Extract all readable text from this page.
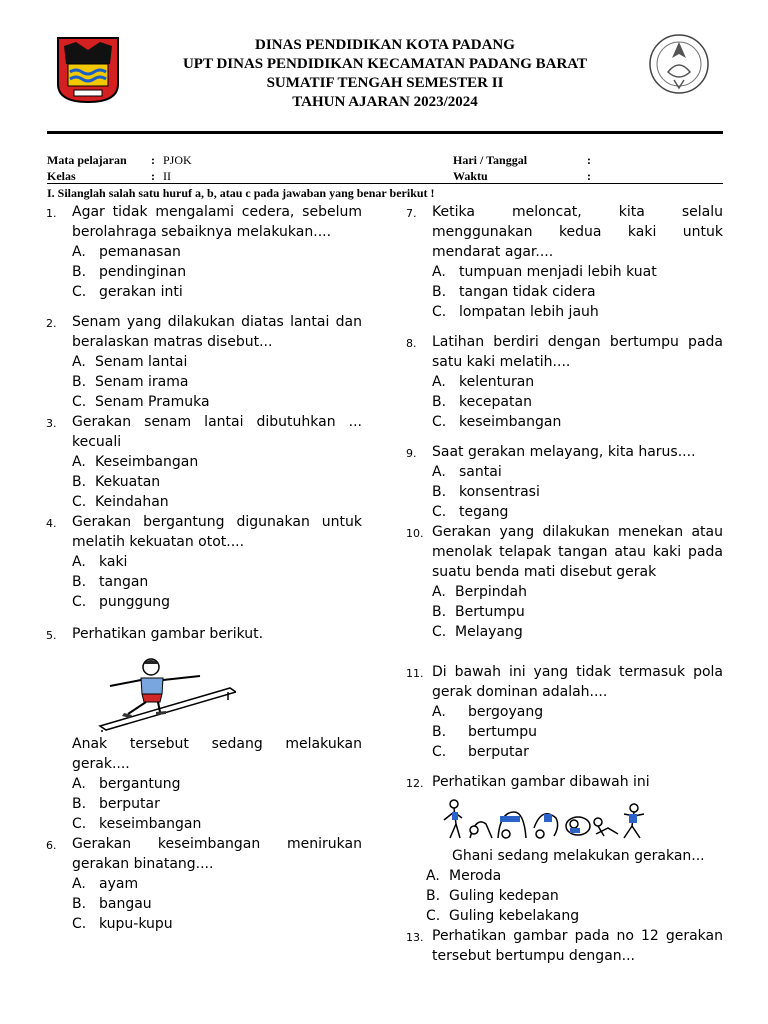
DINAS PENDIDIKAN KOTA PADANG
UPT DINAS PENDIDIKAN KECAMATAN PADANG BARAT
SUMATIF TENGAH SEMESTER II
TAHUN AJARAN 2023/2024
Mata pelajaran : PJOK	Hari / Tanggal	:
Kelas	: II	Waktu	:
I. Silanglah salah satu huruf a, b, atau c pada jawaban yang benar berikut !
1.	Agar tidak mengalami cedera, sebelum berolahraga sebaiknya melakukan....
A. pemanasan
B. pendinginan
C. gerakan inti
2.	Senam yang dilakukan diatas lantai dan beralaskan matras disebut...
A. Senam lantai
B. Senam irama
C. Senam Pramuka
3.	Gerakan senam lantai dibutuhkan ... kecuali
A. Keseimbangan
B. Kekuatan
C. Keindahan
4.	Gerakan bergantung digunakan untuk melatih kekuatan otot....
A. kaki
B. tangan
C. punggung
5.	Perhatikan gambar berikut.
Anak tersebut sedang melakukan gerak....
A. bergantung
B. berputar
C. keseimbangan
6.	Gerakan keseimbangan menirukan gerakan binatang....
A. ayam
B. bangau
C. kupu-kupu
7.	Ketika meloncat, kita selalu menggunakan kedua kaki untuk mendarat agar....
A. tumpuan menjadi lebih kuat
B. tangan tidak cidera
C. lompatan lebih jauh
8.	Latihan berdiri dengan bertumpu pada satu kaki melatih....
A. kelenturan
B. kecepatan
C. keseimbangan
9.	Saat gerakan melayang, kita harus....
A. santai
B. konsentrasi
C. tegang
10. Gerakan yang dilakukan menekan atau menolak telapak tangan atau kaki pada suatu benda mati disebut gerak
A. Berpindah
B. Bertumpu
C. Melayang
11. Di bawah ini yang tidak termasuk pola gerak dominan adalah....
A. bergoyang
B. bertumpu
C. berputar
12. Perhatikan gambar dibawah ini
Ghani sedang melakukan gerakan...
A. Meroda
B. Guling kedepan
C. Guling kebelakang
13. Perhatikan gambar pada no 12 gerakan tersebut bertumpu dengan...
